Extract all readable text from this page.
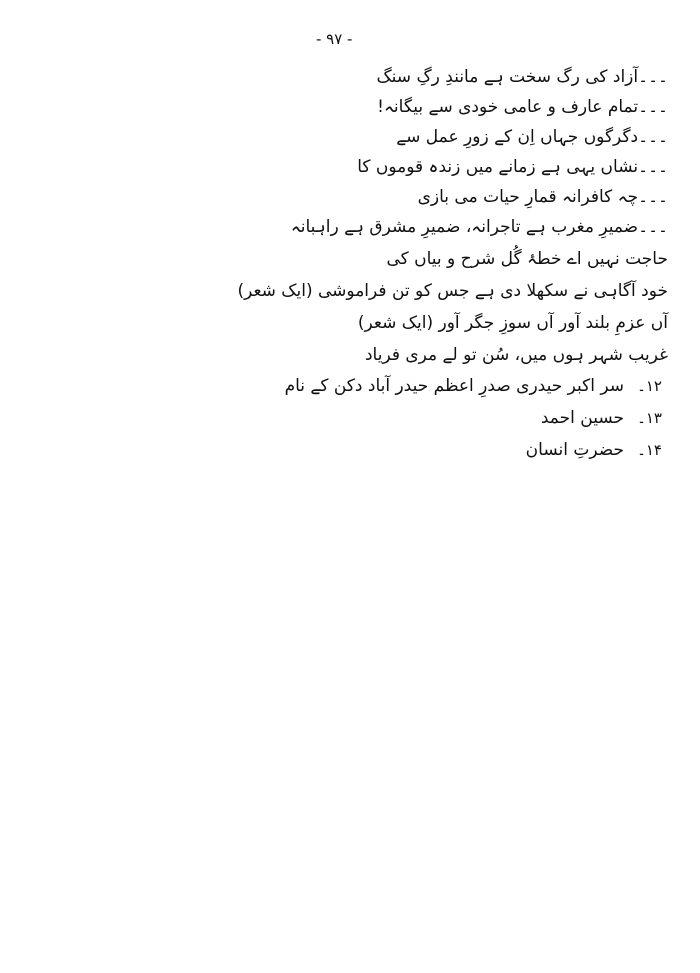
- ۹۷ -
۔۔۔آزاد کی رگ سخت ہے مانندِ رگِ سنگ
۔۔۔تمام عارف و عامی خودی سے بیگانہ!
۔۔۔دگرگوں جہاں اِن کے زورِ عمل سے
۔۔۔نشاں یہی ہے زمانے میں زندہ قوموں کا
۔۔۔چہ کافرانہ قمارِ حیات می بازی
۔۔۔ضمیرِ مغرب ہے تاجرانہ، ضمیرِ مشرق ہے راہبانہ
حاجت نہیں اے خطۂ گُل شرح و بیاں کی
خود آگاہی نے سکھلا دی ہے جس کو تن فراموشی (ایک شعر)
آں عزمِ بلند آور آں سوزِ جگر آور (ایک شعر)
غریب شہر ہوں میں، سُن تو لے مری فریاد
۱۲۔
سر اکبر حیدری صدرِ اعظم حیدر آباد دکن کے نام
۱۳۔
حسین احمد
۱۴۔
حضرتِ انسان
